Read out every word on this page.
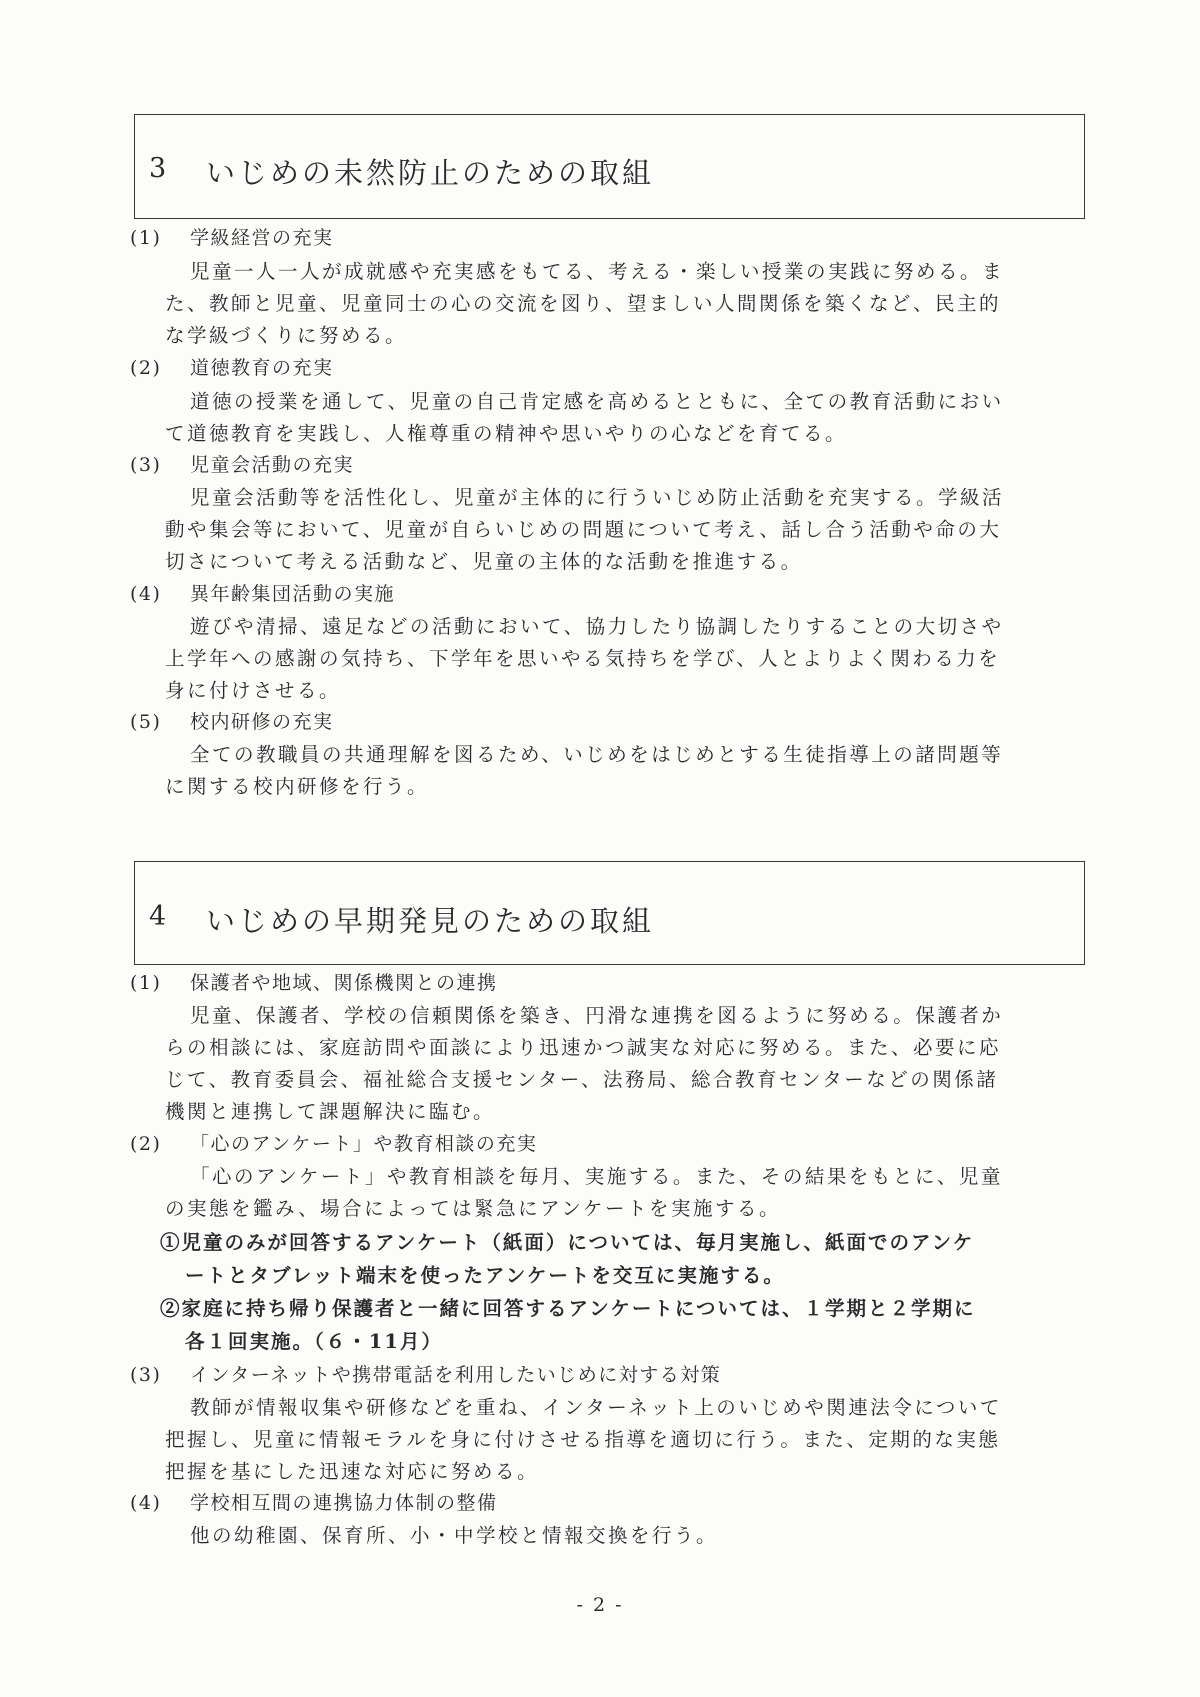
3 いじめの未然防止のための取組
(1) 学級経営の充実
児童一人一人が成就感や充実感をもてる、考える・楽しい授業の実践に努める。ま
た、教師と児童、児童同士の心の交流を図り、望ましい人間関係を築くなど、民主的
な学級づくりに努める。
(2) 道徳教育の充実
道徳の授業を通して、児童の自己肯定感を高めるとともに、全ての教育活動におい
て道徳教育を実践し、人権尊重の精神や思いやりの心などを育てる。
(3) 児童会活動の充実
児童会活動等を活性化し、児童が主体的に行ういじめ防止活動を充実する。学級活
動や集会等において、児童が自らいじめの問題について考え、話し合う活動や命の大
切さについて考える活動など、児童の主体的な活動を推進する。
(4) 異年齢集団活動の実施
遊びや清掃、遠足などの活動において、協力したり協調したりすることの大切さや
上学年への感謝の気持ち、下学年を思いやる気持ちを学び、人とよりよく関わる力を
身に付けさせる。
(5) 校内研修の充実
全ての教職員の共通理解を図るため、いじめをはじめとする生徒指導上の諸問題等
に関する校内研修を行う。
4 いじめの早期発見のための取組
(1) 保護者や地域、関係機関との連携
児童、保護者、学校の信頼関係を築き、円滑な連携を図るように努める。保護者か
らの相談には、家庭訪問や面談により迅速かつ誠実な対応に努める。また、必要に応
じて、教育委員会、福祉総合支援センター、法務局、総合教育センターなどの関係諸
機関と連携して課題解決に臨む。
(2) 「心のアンケート」や教育相談の充実
「心のアンケート」や教育相談を毎月、実施する。また、その結果をもとに、児童
の実態を鑑み、場合によっては緊急にアンケートを実施する。
①児童のみが回答するアンケート（紙面）については、毎月実施し、紙面でのアンケ
ートとタブレット端末を使ったアンケートを交互に実施する。
②家庭に持ち帰り保護者と一緒に回答するアンケートについては、１学期と２学期に
各１回実施。（６・11月）
(3) インターネットや携帯電話を利用したいじめに対する対策
教師が情報収集や研修などを重ね、インターネット上のいじめや関連法令について
把握し、児童に情報モラルを身に付けさせる指導を適切に行う。また、定期的な実態
把握を基にした迅速な対応に努める。
(4) 学校相互間の連携協力体制の整備
他の幼稚園、保育所、小・中学校と情報交換を行う。
- 2 -
